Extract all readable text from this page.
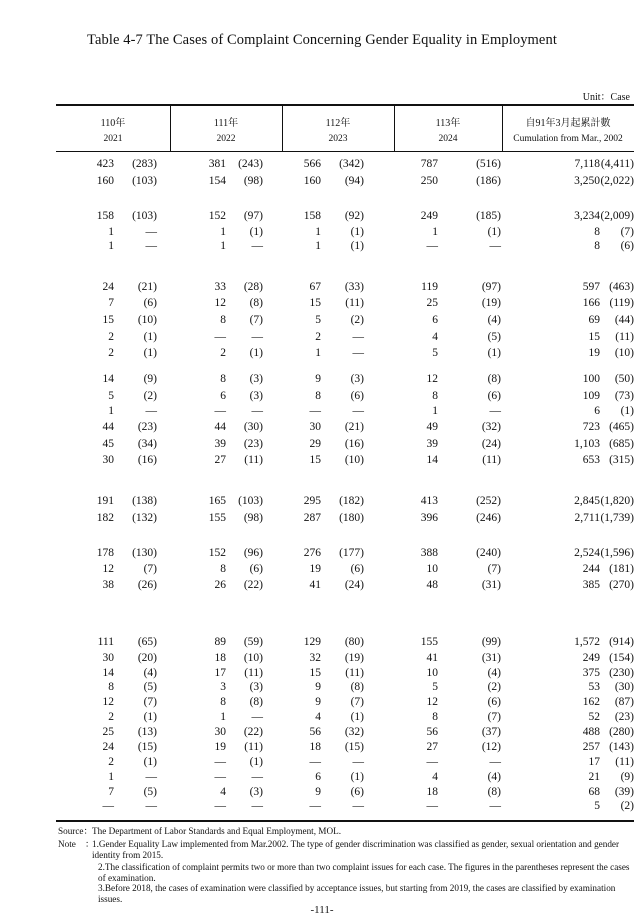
Table 4-7 The Cases of Complaint Concerning Gender Equality in Employment
Unit：Case
110年
2021
111年
2022
112年
2023
113年
2024
自91年3月起累計數
Cumulation from Mar., 2002
423 (283)	381 (243)	566 (342)	787	(516)	7,118 (4,411)
160 (103)	154 (98)	160 (94)	250	(186)	3,250 (2,022)
158 (103)	152 (97)	158 (92)	249	(185)	3,234 (2,009)
1	—	1 (1)	1	(1)	1	(1)	8 (7)
1	—	1 —	1	(1)	—	—	8 (6)
24 (21)	33 (28)	67 (33)	119	(97)	597 (463)
7	(6)	12 (8)	15 (11)	25	(19)	166 (119)
15 (10)	8 (7)	5	(2)	6	(4)	69 (44)
2	(1)	— —	2	—	4	(5)	15 (11)
2	(1)	2 (1)	1	—	5	(1)	19 (10)
14	(9)	8 (3)	9	(3)	12	(8)	100 (50)
5	(2)	6 (3)	8	(6)	8	(6)	109 (73)
1	—	— —	—	—	1	—	6 (1)
44 (23)	44 (30)	30 (21)	49	(32)	723 (465)
45 (34)	39 (23)	29 (16)	39	(24)	1,103 (685)
30 (16)	27 (11)	15 (10)	14	(11)	653 (315)
191 (138)	165 (103)	295 (182)	413	(252)	2,845 (1,820)
182 (132)	155 (98)	287 (180)	396	(246)	2,711 (1,739)
178 (130)	152 (96)	276 (177)	388	(240)	2,524 (1,596)
12	(7)	8 (6)	19	(6)	10	(7)	244 (181)
38 (26)	26 (22)	41 (24)	48	(31)	385 (270)
111 (65)	89 (59)	129 (80)	155	(99)	1,572 (914)
30 (20)	18 (10)	32 (19)	41	(31)	249 (154)
14	(4)	17 (11)	15 (11)	10	(4)	375 (230)
8	(5)	3 (3)	9	(8)	5	(2)	53 (30)
12	(7)	8 (8)	9	(7)	12	(6)	162 (87)
2	(1)	1 —	4	(1)	8	(7)	52 (23)
25 (13)	30 (22)	56 (32)	56	(37)	488 (280)
24 (15)	19 (11)	18 (15)	27	(12)	257 (143)
2	(1)	— (1)	—	—	—	—	17 (11)
1	—	— —	6	(1)	4	(4)	21 (9)
7	(5)	4 (3)	9	(6)	18	(8)	68 (39)
—	—	— —	—	—	—	—	5 (2)
Source： The Department of Labor Standards and Equal Employment, MOL.
Note　：
1.Gender Equality Law implemented from Mar.2002. The type of gender discrimination was classified as gender, sexual orientation and gender identity from 2015.
2.The classification of complaint permits two or more than two complaint issues for each case. The figures in the parentheses represent the cases of examination.
3.Before 2018, the cases of examination were classified by acceptance issues, but starting from 2019, the cases are classified by examination issues.
-111-
